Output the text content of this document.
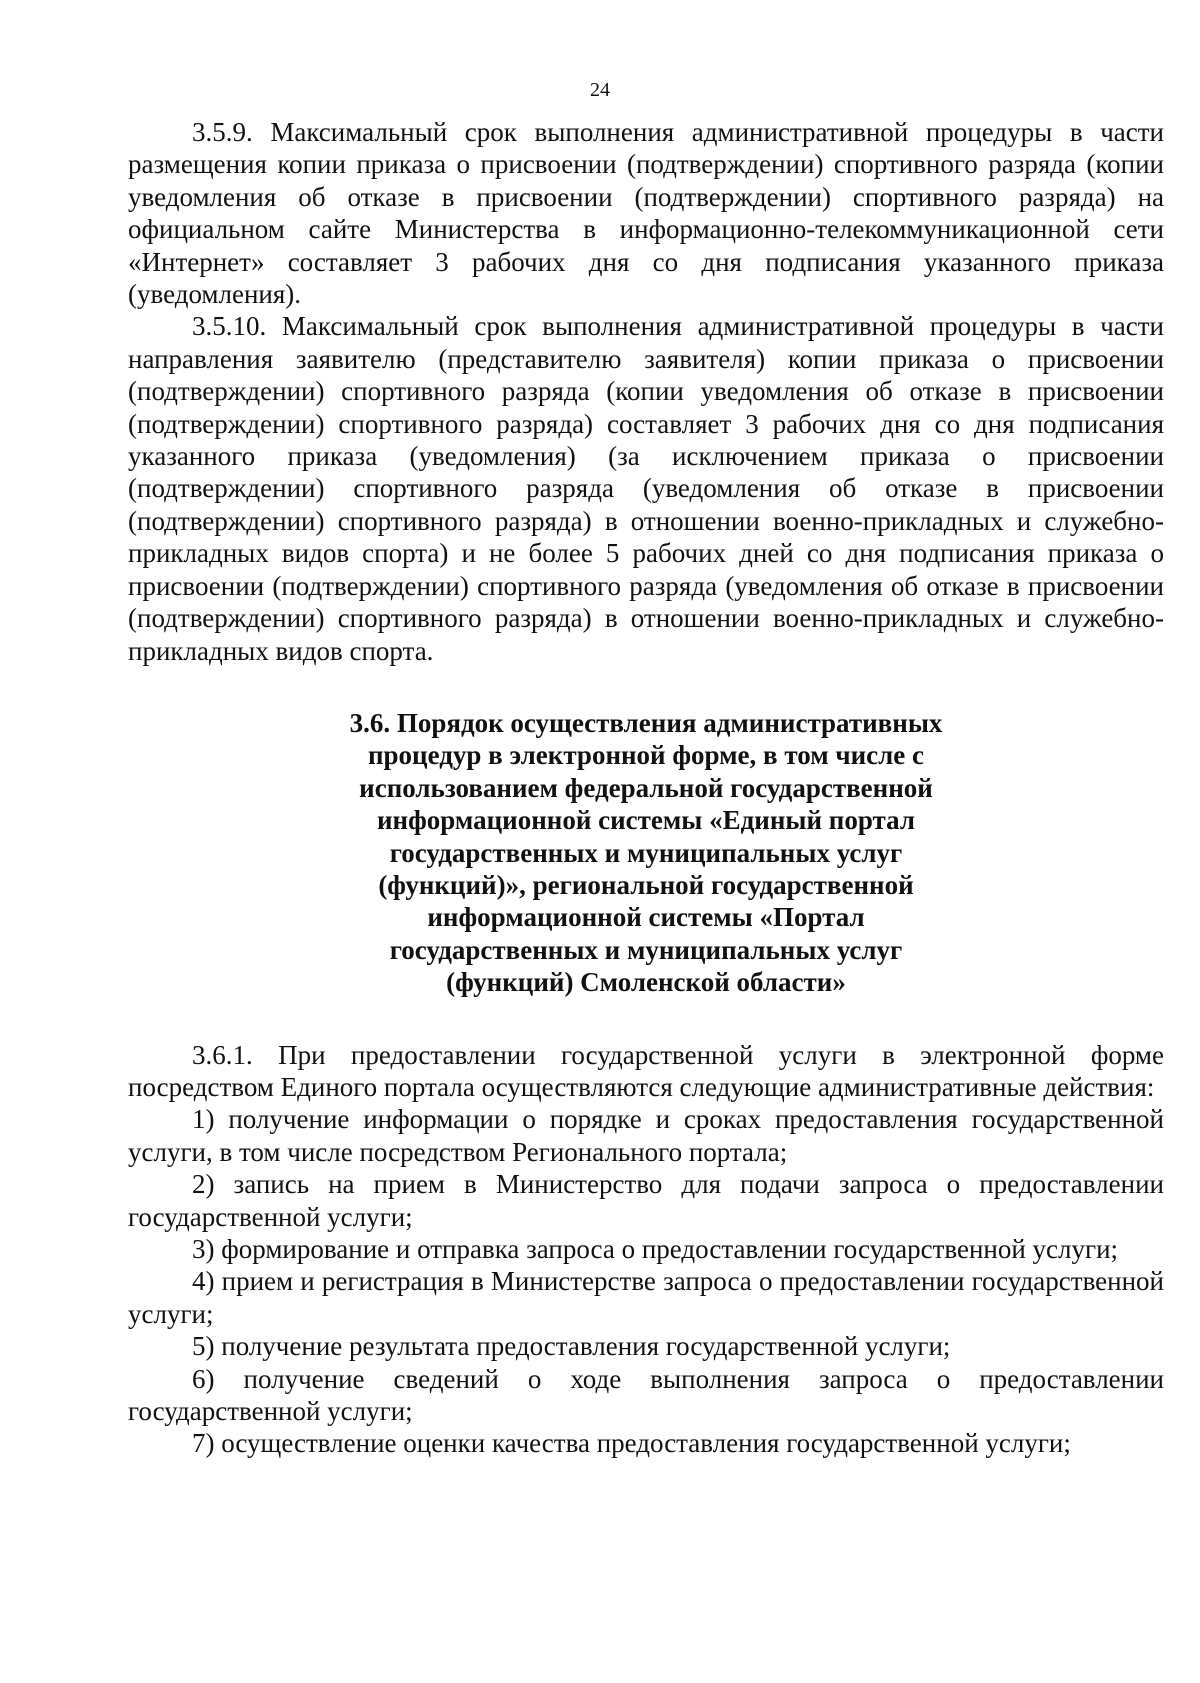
24

3.5.9. Максимальный срок выполнения административной процедуры в части размещения копии приказа о присвоении (подтверждении) спортивного разряда (копии уведомления об отказе в присвоении (подтверждении) спортивного разряда) на официальном сайте Министерства в информационно-телекоммуникационной сети «Интернет» составляет 3 рабочих дня со дня подписания указанного приказа (уведомления).

3.5.10. Максимальный срок выполнения административной процедуры в части направления заявителю (представителю заявителя) копии приказа о присвоении (подтверждении) спортивного разряда (копии уведомления об отказе в присвоении (подтверждении) спортивного разряда) составляет 3 рабочих дня со дня подписания указанного приказа (уведомления) (за исключением приказа о присвоении (подтверждении) спортивного разряда (уведомления об отказе в присвоении (подтверждении) спортивного разряда) в отношении военно-прикладных и служебно-прикладных видов спорта) и не более 5 рабочих дней со дня подписания приказа о присвоении (подтверждении) спортивного разряда (уведомления об отказе в присвоении (подтверждении) спортивного разряда) в отношении военно-прикладных и служебно-прикладных видов спорта.

3.6. Порядок осуществления административных процедур в электронной форме, в том числе с использованием федеральной государственной информационной системы «Единый портал государственных и муниципальных услуг (функций)», региональной государственной информационной системы «Портал государственных и муниципальных услуг (функций) Смоленской области»

3.6.1. При предоставлении государственной услуги в электронной форме посредством Единого портала осуществляются следующие административные действия:

1) получение информации о порядке и сроках предоставления государственной услуги, в том числе посредством Регионального портала;

2) запись на прием в Министерство для подачи запроса о предоставлении государственной услуги;

3) формирование и отправка запроса о предоставлении государственной услуги;

4) прием и регистрация в Министерстве запроса о предоставлении государственной услуги;

5) получение результата предоставления государственной услуги;

6) получение сведений о ходе выполнения запроса о предоставлении государственной услуги;

7) осуществление оценки качества предоставления государственной услуги;
